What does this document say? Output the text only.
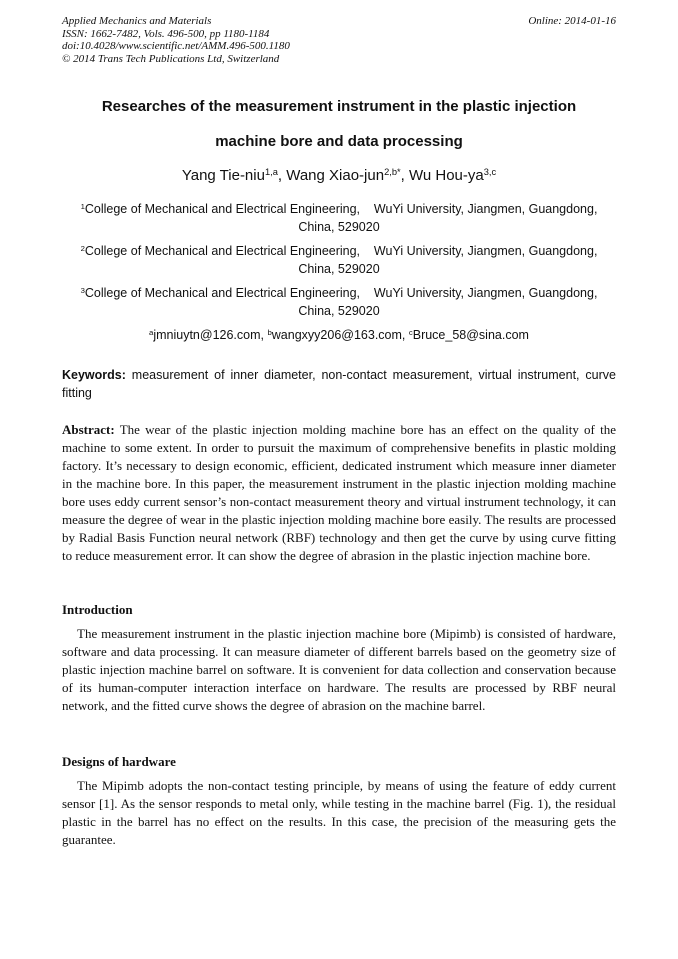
Applied Mechanics and Materials
ISSN: 1662-7482, Vols. 496-500, pp 1180-1184
doi:10.4028/www.scientific.net/AMM.496-500.1180
© 2014 Trans Tech Publications Ltd, Switzerland
Online: 2014-01-16
Researches of the measurement instrument in the plastic injection
machine bore and data processing
Yang Tie-niu$^{1,a}$, Wang Xiao-jun$^{2,b*}$, Wu Hou-ya$^{3,c}$
$^1$College of Mechanical and Electrical Engineering,    WuYi University, Jiangmen, Guangdong,
China, 529020
$^2$College of Mechanical and Electrical Engineering,    WuYi University, Jiangmen, Guangdong,
China, 529020
$^3$College of Mechanical and Electrical Engineering,    WuYi University, Jiangmen, Guangdong,
China, 529020
$^a$jmniuytn@126.com, $^b$wangxyy206@163.com, $^c$Bruce_58@sina.com
Keywords: measurement of inner diameter, non-contact measurement, virtual instrument, curve fitting
Abstract: The wear of the plastic injection molding machine bore has an effect on the quality of the machine to some extent. In order to pursuit the maximum of comprehensive benefits in plastic molding factory. It’s necessary to design economic, efficient, dedicated instrument which measure inner diameter in the machine bore. In this paper, the measurement instrument in the plastic injection molding machine bore uses eddy current sensor’s non-contact measurement theory and virtual instrument technology, it can measure the degree of wear in the plastic injection molding machine bore easily. The results are processed by Radial Basis Function neural network (RBF) technology and then get the curve by using curve fitting to reduce measurement error. It can show the degree of abrasion in the plastic injection machine bore.
Introduction
The measurement instrument in the plastic injection machine bore (Mipimb) is consisted of hardware, software and data processing. It can measure diameter of different barrels based on the geometry size of plastic injection machine barrel on software. It is convenient for data collection and conservation because of its human-computer interaction interface on hardware. The results are processed by RBF neural network, and the fitted curve shows the degree of abrasion on the machine barrel.
Designs of hardware
The Mipimb adopts the non-contact testing principle, by means of using the feature of eddy current sensor [1]. As the sensor responds to metal only, while testing in the machine barrel (Fig. 1), the residual plastic in the barrel has no effect on the results. In this case, the precision of the measuring gets the guarantee.
